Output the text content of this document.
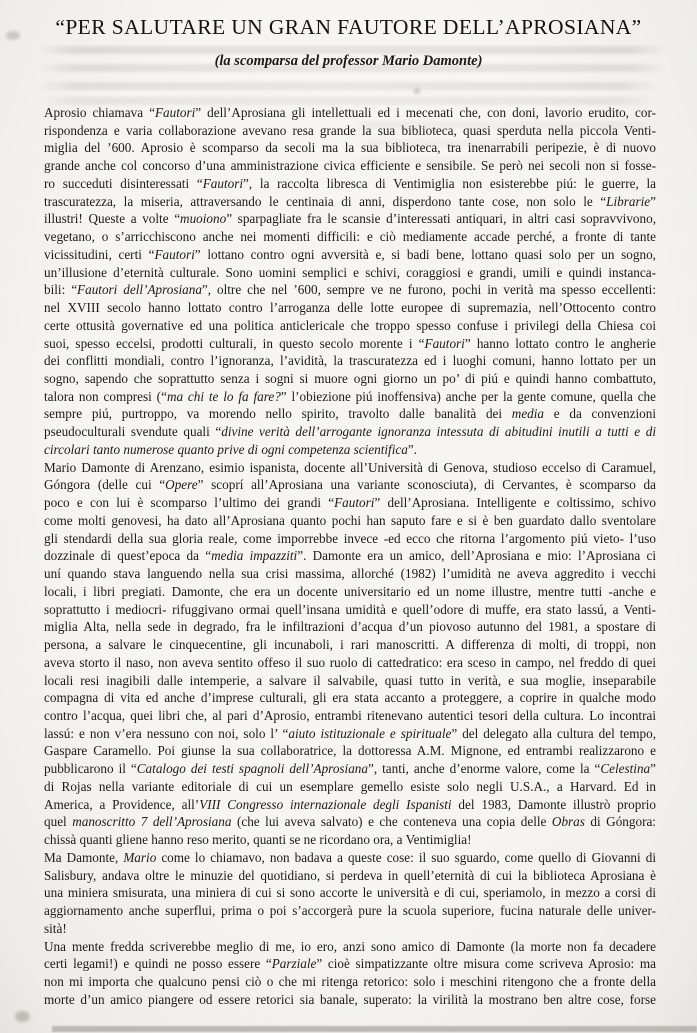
“PER SALUTARE UN GRAN FAUTORE DELL’APROSIANA”
(la scomparsa del professor Mario Damonte)
Aprosio chiamava “Fautori” dell’Aprosiana gli intellettuali ed i mecenati che, con doni, lavorio erudito, cor-
rispondenza e varia collaborazione avevano resa grande la sua biblioteca, quasi sperduta nella piccola Venti-
miglia del ’600. Aprosio è scomparso da secoli ma la sua biblioteca, tra inenarrabili peripezie, è di nuovo
grande anche col concorso d’una amministrazione civica efficiente e sensibile. Se però nei secoli non si fosse-
ro succeduti disinteressati “Fautori”, la raccolta libresca di Ventimiglia non esisterebbe piú: le guerre, la
trascuratezza, la miseria, attraversando le centinaia di anni, disperdono tante cose, non solo le “Librarie”
illustri! Queste a volte “muoiono” sparpagliate fra le scansie d’interessati antiquari, in altri casi sopravvivono,
vegetano, o s’arricchiscono anche nei momenti difficili: e ciò mediamente accade perché, a fronte di tante
vicissitudini, certi “Fautori” lottano contro ogni avversità e, si badi bene, lottano quasi solo per un sogno,
un’illusione d’eternità culturale. Sono uomini semplici e schivi, coraggiosi e grandi, umili e quindi instanca-
bili: “Fautori dell’Aprosiana”, oltre che nel ’600, sempre ve ne furono, pochi in verità ma spesso eccellenti:
nel XVIII secolo hanno lottato contro l’arroganza delle lotte europee di supremazia, nell’Ottocento contro
certe ottusità governative ed una politica anticlericale che troppo spesso confuse i privilegi della Chiesa coi
suoi, spesso eccelsi, prodotti culturali, in questo secolo morente i “Fautori” hanno lottato contro le angherie
dei conflitti mondiali, contro l’ignoranza, l’avidità, la trascuratezza ed i luoghi comuni, hanno lottato per un
sogno, sapendo che soprattutto senza i sogni si muore ogni giorno un po’ di piú e quindi hanno combattuto,
talora non compresi (“ma chi te lo fa fare?” l’obiezione piú inoffensiva) anche per la gente comune, quella che
sempre piú, purtroppo, va morendo nello spirito, travolto dalle banalità dei media e da convenzioni
pseudoculturali svendute quali “divine verità dell’arrogante ignoranza intessuta di abitudini inutili a tutti e di
circolari tanto numerose quanto prive di ogni competenza scientifica”.
Mario Damonte di Arenzano, esimio ispanista, docente all’Università di Genova, studioso eccelso di Caramuel,
Góngora (delle cui “Opere” scoprí all’Aprosiana una variante sconosciuta), di Cervantes, è scomparso da
poco e con lui è scomparso l’ultimo dei grandi “Fautori” dell’Aprosiana. Intelligente e coltissimo, schivo
come molti genovesi, ha dato all’Aprosiana quanto pochi han saputo fare e si è ben guardato dallo sventolare
gli stendardi della sua gloria reale, come imporrebbe invece -ed ecco che ritorna l’argomento piú vieto- l’uso
dozzinale di quest’epoca da “media impazziti”. Damonte era un amico, dell’Aprosiana e mio: l’Aprosiana ci
uní quando stava languendo nella sua crisi massima, allorché (1982) l’umidità ne aveva aggredito i vecchi
locali, i libri pregiati. Damonte, che era un docente universitario ed un nome illustre, mentre tutti -anche e
soprattutto i mediocri- rifuggivano ormai quell’insana umidità e quell’odore di muffe, era stato lassú, a Venti-
miglia Alta, nella sede in degrado, fra le infiltrazioni d’acqua d’un piovoso autunno del 1981, a spostare di
persona, a salvare le cinquecentine, gli incunaboli, i rari manoscritti. A differenza di molti, di troppi, non
aveva storto il naso, non aveva sentito offeso il suo ruolo di cattedratico: era sceso in campo, nel freddo di quei
locali resi inagibili dalle intemperie, a salvare il salvabile, quasi tutto in verità, e sua moglie, inseparabile
compagna di vita ed anche d’imprese culturali, gli era stata accanto a proteggere, a coprire in qualche modo
contro l’acqua, quei libri che, al pari d’Aprosio, entrambi ritenevano autentici tesori della cultura. Lo incontrai
lassú: e non v’era nessuno con noi, solo l’ “aiuto istituzionale e spirituale” del delegato alla cultura del tempo,
Gaspare Caramello. Poi giunse la sua collaboratrice, la dottoressa A.M. Mignone, ed entrambi realizzarono e
pubblicarono il “Catalogo dei testi spagnoli dell’Aprosiana”, tanti, anche d’enorme valore, come la “Celestina”
di Rojas nella variante editoriale di cui un esemplare gemello esiste solo negli U.S.A., a Harvard. Ed in
America, a Providence, all’VIII Congresso internazionale degli Ispanisti del 1983, Damonte illustrò proprio
quel manoscritto 7 dell’Aprosiana (che lui aveva salvato) e che conteneva una copia delle Obras di Góngora:
chissà quanti gliene hanno reso merito, quanti se ne ricordano ora, a Ventimiglia!
Ma Damonte, Mario come lo chiamavo, non badava a queste cose: il suo sguardo, come quello di Giovanni di
Salisbury, andava oltre le minuzie del quotidiano, si perdeva in quell’eternità di cui la biblioteca Aprosiana è
una miniera smisurata, una miniera di cui si sono accorte le università e di cui, speriamolo, in mezzo a corsi di
aggiornamento anche superflui, prima o poi s’accorgerà pure la scuola superiore, fucina naturale delle univer-
sità!
Una mente fredda scriverebbe meglio di me, io ero, anzi sono amico di Damonte (la morte non fa decadere
certi legami!) e quindi ne posso essere “Parziale” cioè simpatizzante oltre misura come scriveva Aprosio: ma
non mi importa che qualcuno pensi ciò o che mi ritenga retorico: solo i meschini ritengono che a fronte della
morte d’un amico piangere od essere retorici sia banale, superato: la virilità la mostrano ben altre cose, forse
